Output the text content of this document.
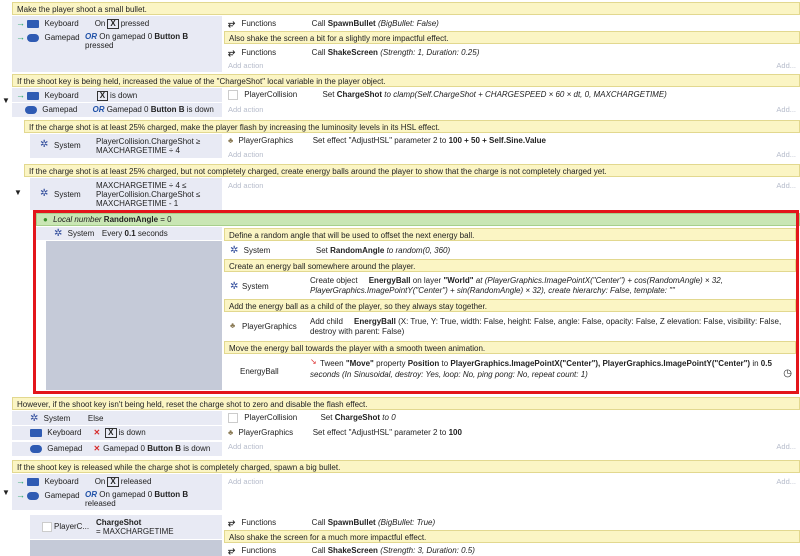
Make the player shoot a small bullet.
→ Keyboard On X pressed
→ Gamepad OR On gamepad 0 Button B
pressed
⥂ Functions	Call SpawnBullet (BigBullet: False)
Also shake the screen a bit for a slightly more impactful effect.
⥂ Functions	Call ShakeScreen (Strength: 1, Duration: 0.25)
Add action	Add...
If the shoot key is being held, increased the value of the "ChargeShot" local variable in the player object.
▼
→ Keyboard	X is down
Gamepad OR Gamepad 0 Button B is down
PlayerCollision	Set ChargeShot to clamp(Self.ChargeShot + CHARGESPEED × 60 × dt, 0, MAXCHARGETIME)
Add action	Add...
If the charge shot is at least 25% charged, make the player flash by increasing the luminosity levels in its HSL effect.
✲ System PlayerCollision.ChargeShot ≥ MAXCHARGETIME ÷ 4
♣ PlayerGraphics Set effect "AdjustHSL" parameter 2 to 100 + 50 + Self.Sine.Value
Add action	Add...
If the charge shot is at least 25% charged, but not completely charged, create energy balls around the player to show that the charge is not completely charged yet.
▼ ✲ System
MAXCHARGETIME ÷ 4 ≤ PlayerCollision.ChargeShot ≤ MAXCHARGETIME - 1
Add action	Add...
● Local number RandomAngle = 0
✲ System Every 0.1 seconds	Define a random angle that will be used to offset the next energy ball.
✲ System	Set RandomAngle to random(0, 360)
Create an energy ball somewhere around the player.
✲ System
Create object EnergyBall on layer "World" at (PlayerGraphics.ImagePointX("Center") + cos(RandomAngle) × 32,
PlayerGraphics.ImagePointY("Center") + sin(RandomAngle) × 32), create hierarchy: False, template: ""
Add the energy ball as a child of the player, so they always stay together.
♣ PlayerGraphics
Add child EnergyBall (X: True, Y: True, width: False, height: False, angle: False, opacity: False, Z elevation: False, visibility: False,
destroy with parent: False)
Move the energy ball towards the player with a smooth tween animation.
EnergyBall
↘ Tween "Move" property Position to PlayerGraphics.ImagePointX("Center"), PlayerGraphics.ImagePointY("Center") in 0.5
seconds (In Sinusoidal, destroy: Yes, loop: No, ping pong: No, repeat count: 1)	◷
However, if the shoot key isn't being held, reset the charge shot to zero and disable the flash effect.
✲ System Else
Keyboard ✕ X is down
Gamepad ✕ Gamepad 0 Button B is down
PlayerCollision	Set ChargeShot to 0
♣ PlayerGraphics Set effect "AdjustHSL" parameter 2 to 100
Add action	Add...
If the shoot key is released while the charge shot is completely charged, spawn a big bullet.
▼
→ Keyboard On X released
→ Gamepad OR On gamepad 0 Button B
released
Add action	Add...
PlayerC... ChargeShot
= MAXCHARGETIME
⥂ Functions	Call SpawnBullet (BigBullet: True)
Also shake the screen for a much more impactful effect.
⥂ Functions	Call ShakeScreen (Strength: 3, Duration: 0.5)
